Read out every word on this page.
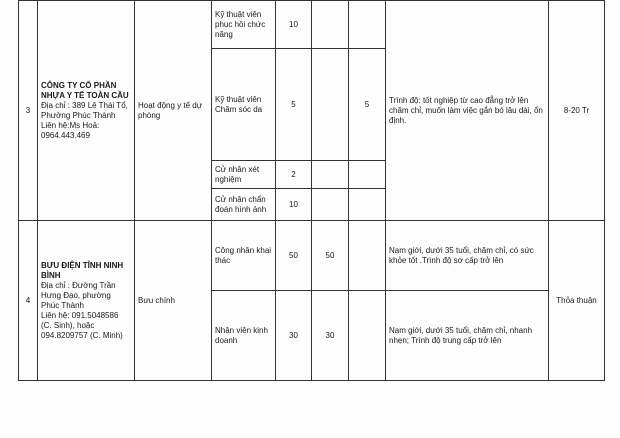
3	CÔNG TY CỔ PHẦN NHỰA Y TẾ TOÀN CẦU
Địa chỉ : 389 Lê Thái Tổ, Phường Phúc Thành
Liên hệ:Ms Hoả: 0964.443.469	Hoạt động y tế dự phòng	Kỹ thuật viên phục hồi chức năng	10			Trình độ: tốt nghiệp từ cao đẳng trở lên chăm chỉ, muốn làm việc gắn bó lâu dài, ổn định.	8-20 Tr
			Kỹ thuật viên Chăm sóc da	5		5		
			Cử nhân xét nghiệm	2				
			Cử nhân chẩn đoán hình ảnh	10				
4	BƯU ĐIỆN TỈNH NINH BÌNH
Địa chỉ : Đường Trần Hưng Đạo, phường Phúc Thành
Liên hệ: 091.5048586 (C. Sinh), hoặc 094.8209757 (C. Minh)	Bưu chính	Công nhân khai thác	50	50		Nam giới, dưới 35 tuổi, chăm chỉ, có sức khỏe tốt .Trình độ sơ cấp trở lên	Thỏa thuận
			Nhân viên kinh doanh	30	30		Nam giới, dưới 35 tuổi, chăm chỉ, nhanh nhẹn; Trình độ trung cấp trở lên	
